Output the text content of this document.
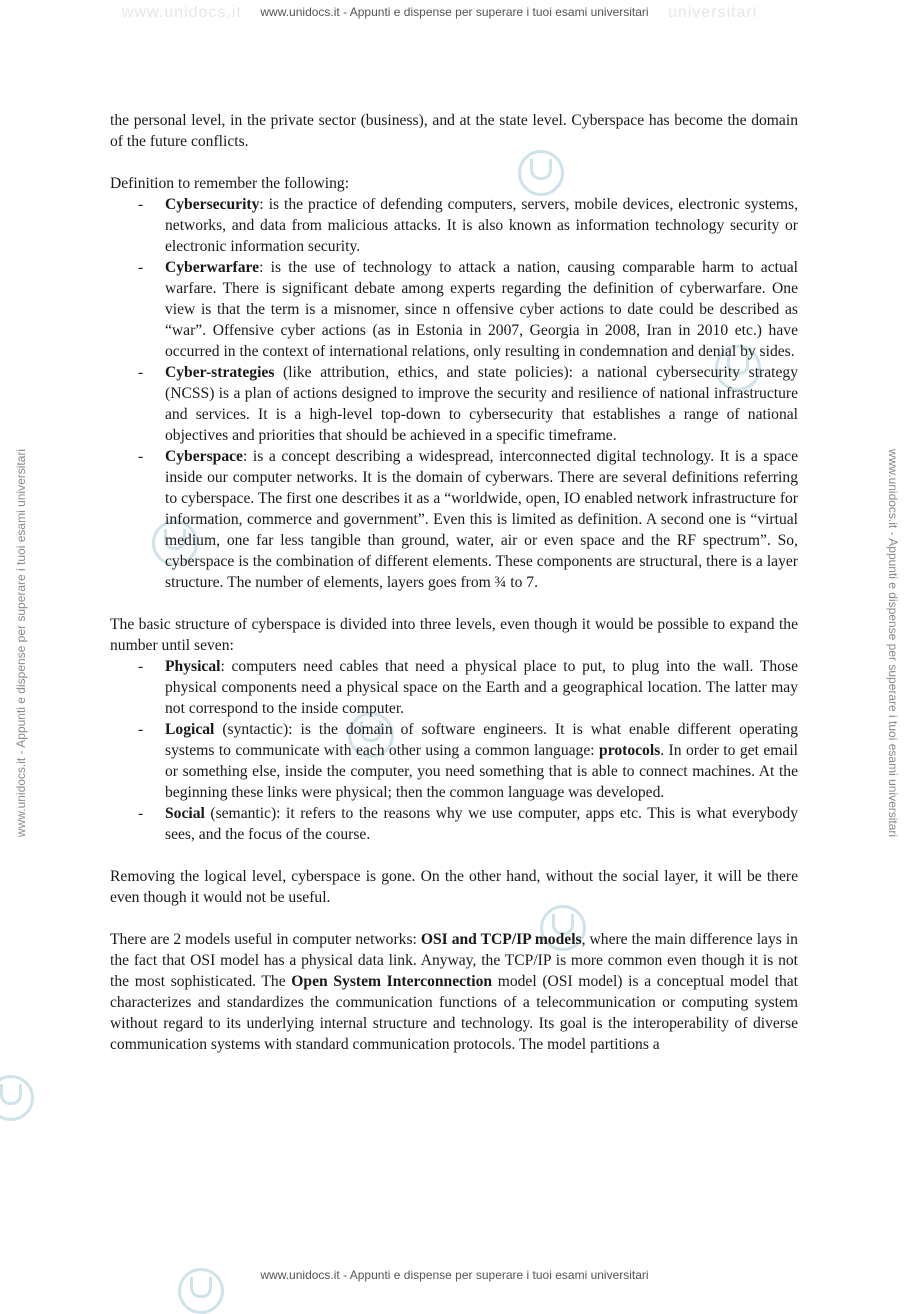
www.unidocs.it	universitari
www.unidocs.it - Appunti e dispense per superare i tuoi esami universitari
www.unidocs.it - Appunti e dispense per superare i tuoi esami universitari
www.unidocs.it - Appunti e dispense per superare i tuoi esami universitari	www.unidocs.it - Appunti e dispense per superare i tuoi esami universitari

the personal level, in the private sector (business), and at the state level. Cyberspace has become the domain of the future conflicts.

Definition to remember the following:

- Cybersecurity: is the practice of defending computers, servers, mobile devices, electronic systems, networks, and data from malicious attacks. It is also known as information technology security or electronic information security.
- Cyberwarfare: is the use of technology to attack a nation, causing comparable harm to actual warfare. There is significant debate among experts regarding the definition of cyberwarfare. One view is that the term is a misnomer, since n offensive cyber actions to date could be described as “war”. Offensive cyber actions (as in Estonia in 2007, Georgia in 2008, Iran in 2010 etc.) have occurred in the context of international relations, only resulting in condemnation and denial by sides.
- Cyber-strategies (like attribution, ethics, and state policies): a national cybersecurity strategy (NCSS) is a plan of actions designed to improve the security and resilience of national infrastructure and services. It is a high-level top-down to cybersecurity that establishes a range of national objectives and priorities that should be achieved in a specific timeframe.
- Cyberspace: is a concept describing a widespread, interconnected digital technology. It is a space inside our computer networks. It is the domain of cyberwars. There are several definitions referring to cyberspace. The first one describes it as a “worldwide, open, IO enabled network infrastructure for information, commerce and government”. Even this is limited as definition. A second one is “virtual medium, one far less tangible than ground, water, air or even space and the RF spectrum”. So, cyberspace is the combination of different elements. These components are structural, there is a layer structure. The number of elements, layers goes from ¾ to 7.

The basic structure of cyberspace is divided into three levels, even though it would be possible to expand the number until seven:

- Physical: computers need cables that need a physical place to put, to plug into the wall. Those physical components need a physical space on the Earth and a geographical location. The latter may not correspond to the inside computer.
- Logical (syntactic): is the domain of software engineers. It is what enable different operating systems to communicate with each other using a common language: protocols. In order to get email or something else, inside the computer, you need something that is able to connect machines. At the beginning these links were physical; then the common language was developed.
- Social (semantic): it refers to the reasons why we use computer, apps etc. This is what everybody sees, and the focus of the course.

Removing the logical level, cyberspace is gone. On the other hand, without the social layer, it will be there even though it would not be useful.

There are 2 models useful in computer networks: OSI and TCP/IP models, where the main difference lays in the fact that OSI model has a physical data link. Anyway, the TCP/IP is more common even though it is not the most sophisticated. The Open System Interconnection model (OSI model) is a conceptual model that characterizes and standardizes the communication functions of a telecommunication or computing system without regard to its underlying internal structure and technology. Its goal is the interoperability of diverse communication systems with standard communication protocols. The model partitions a
